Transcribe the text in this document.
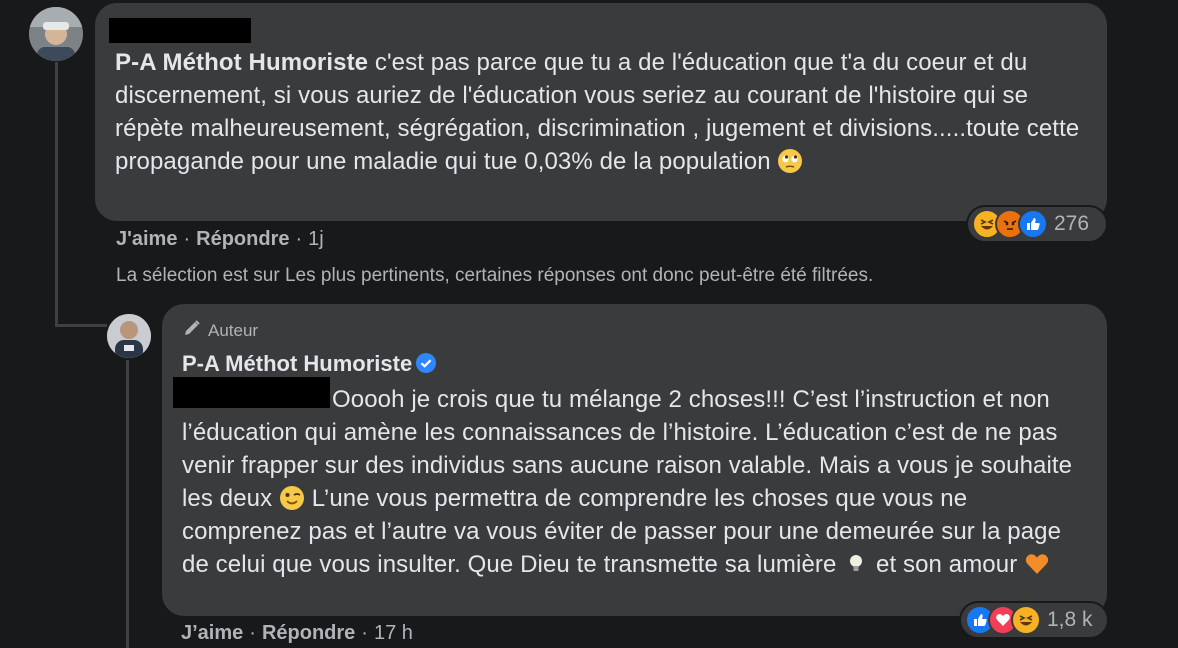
P-A Méthot Humoriste c'est pas parce que tu a de l'éducation que t'a du coeur et du discernement, si vous auriez de l'éducation vous seriez au courant de l'histoire qui se répète malheureusement, ségrégation, discrimination , jugement et divisions.....toute cette propagande pour une maladie qui tue 0,03% de la population

276
J'aime · Répondre · 1j
La sélection est sur Les plus pertinents, certaines réponses ont donc peut-être été filtrées.
Auteur
P-A Méthot Humoriste

Ooooh je crois que tu mélange 2 choses!!! C’est l’instruction et non l’éducation qui amène les connaissances de l’histoire. L’éducation c’est de ne pas venir frapper sur des individus sans aucune raison valable. Mais a vous je souhaite les deux L’une vous permettra de comprendre les choses que vous ne comprenez pas et l’autre va vous éviter de passer pour une demeurée sur la page de celui que vous insulter. Que Dieu te transmette sa lumière et son amour

1,8 k
J’aime · Répondre · 17 h
